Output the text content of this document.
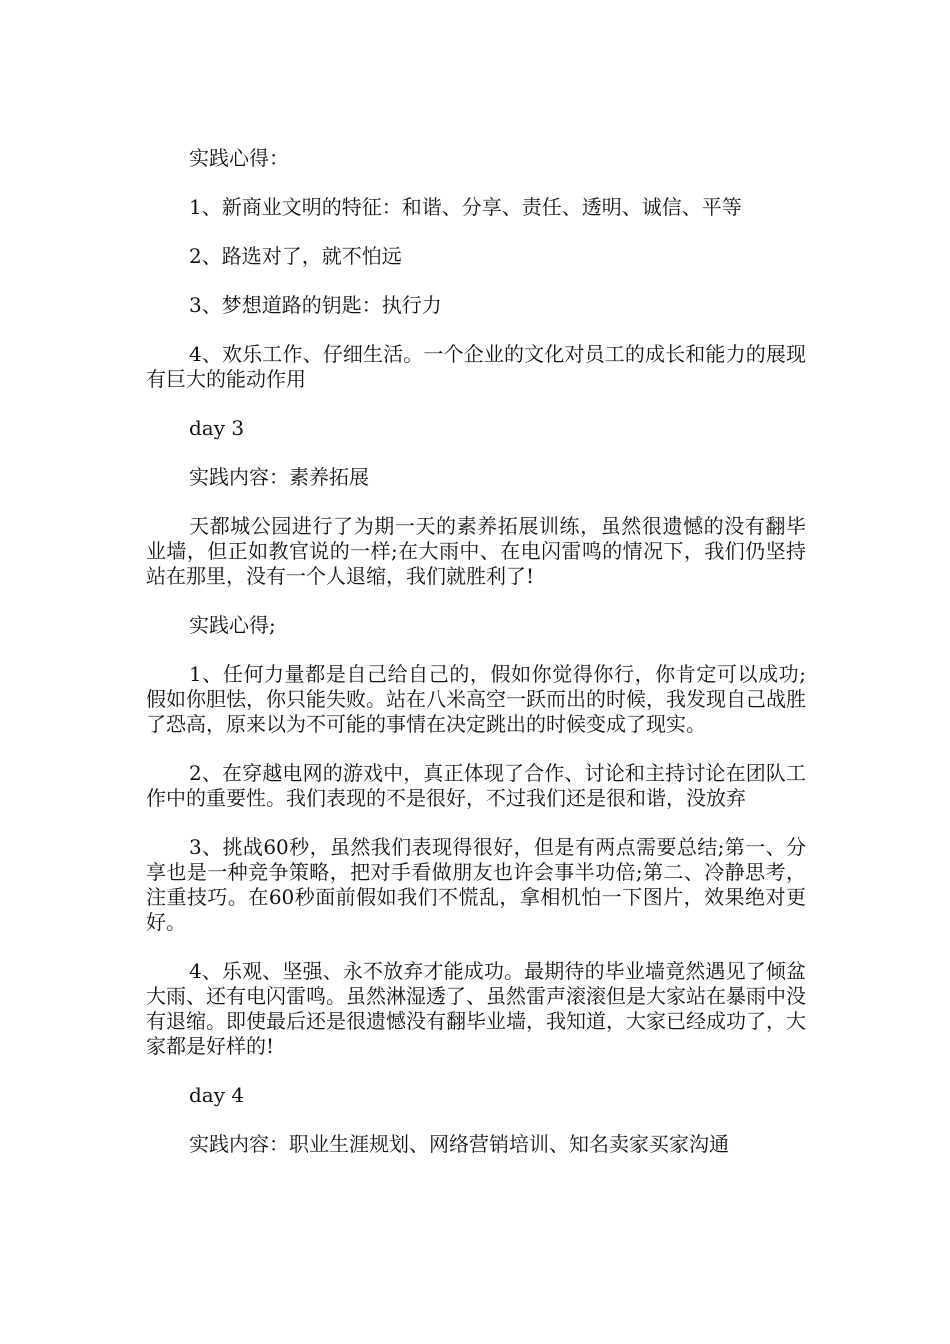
实践心得：

1、新商业文明的特征：和谐、分享、责任、透明、诚信、平等

2、路选对了，就不怕远

3、梦想道路的钥匙：执行力

4、欢乐工作、仔细生活。一个企业的文化对员工的成长和能力的展现有巨大的能动作用

day 3

实践内容：素养拓展

天都城公园进行了为期一天的素养拓展训练，虽然很遗憾的没有翻毕业墙，但正如教官说的一样;在大雨中、在电闪雷鸣的情况下，我们仍坚持站在那里，没有一个人退缩，我们就胜利了!

实践心得;

1、任何力量都是自己给自己的，假如你觉得你行，你肯定可以成功;假如你胆怯，你只能失败。站在八米高空一跃而出的时候，我发现自己战胜了恐高，原来以为不可能的事情在决定跳出的时候变成了现实。

2、在穿越电网的游戏中，真正体现了合作、讨论和主持讨论在团队工作中的重要性。我们表现的不是很好，不过我们还是很和谐，没放弃

3、挑战60秒，虽然我们表现得很好，但是有两点需要总结;第一、分享也是一种竞争策略，把对手看做朋友也许会事半功倍;第二、冷静思考，注重技巧。在60秒面前假如我们不慌乱，拿相机怕一下图片，效果绝对更好。

4、乐观、坚强、永不放弃才能成功。最期待的毕业墙竟然遇见了倾盆大雨、还有电闪雷鸣。虽然淋湿透了、虽然雷声滚滚但是大家站在暴雨中没有退缩。即使最后还是很遗憾没有翻毕业墙，我知道，大家已经成功了，大家都是好样的!

day 4

实践内容：职业生涯规划、网络营销培训、知名卖家买家沟通
